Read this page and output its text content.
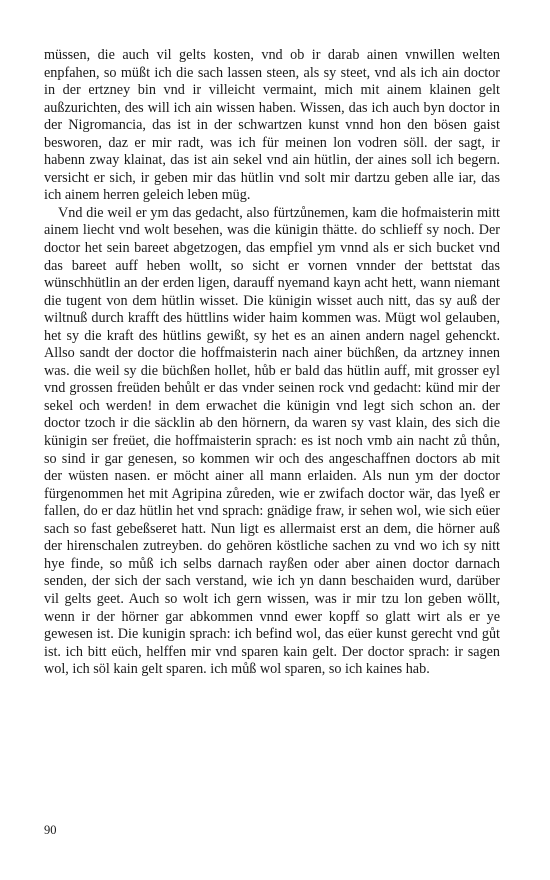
müssen, die auch vil gelts kosten, vnd ob ir darab ainen vnwillen welten enpfahen, so müßt ich die sach lassen steen, als sy steet, vnd als ich ain doctor in der ertzney bin vnd ir villeicht vermaint, mich mit ainem klainen gelt außzurichten, des will ich ain wissen haben. Wissen, das ich auch byn doctor in der Nigromancia, das ist in der schwartzen kunst vnnd hon den bösen gaist besworen, daz er mir radt, was ich für meinen lon vodren söll. der sagt, ir habenn zway klainat, das ist ain sekel vnd ain hütlin, der aines soll ich begern. versicht er sich, ir geben mir das hütlin vnd solt mir dartzu geben alle iar, das ich ainem herren geleich leben müg.

Vnd die weil er ym das gedacht, also fürtzůnemen, kam die hofmaisterin mitt ainem liecht vnd wolt besehen, was die künigin thätte. do schlieff sy noch. Der doctor het sein bareet abgetzogen, das empfiel ym vnnd als er sich bucket vnd das bareet auff heben wollt, so sicht er vornen vnnder der bettstat das wünschhütlin an der erden ligen, darauff nyemand kayn acht hett, wann niemant die tugent von dem hütlin wisset. Die künigin wisset auch nitt, das sy auß der wiltnuß durch krafft des hüttlins wider haim kommen was. Mügt wol gelauben, het sy die kraft des hütlins gewißt, sy het es an ainen andern nagel gehenckt. Allso sandt der doctor die hoffmaisterin nach ainer büchßen, da artzney innen was. die weil sy die büchßen hollet, hůb er bald das hütlin auff, mit grosser eyl vnd grossen freüden behůlt er das vnder seinen rock vnd gedacht: künd mir der sekel och werden! in dem erwachet die künigin vnd legt sich schon an. der doctor tzoch ir die säcklin ab den hörnern, da waren sy vast klain, des sich die künigin ser freüet, die hoffmaisterin sprach: es ist noch vmb ain nacht zů thůn, so sind ir gar genesen, so kommen wir och des angeschaffnen doctors ab mit der wüsten nasen. er möcht ainer all mann erlaiden. Als nun ym der doctor fürgenommen het mit Agripina zůreden, wie er zwifach doctor wär, das lyeß er fallen, do er daz hütlin het vnd sprach: gnädige fraw, ir sehen wol, wie sich eüer sach so fast gebeßseret hatt. Nun ligt es allermaist erst an dem, die hörner auß der hirenschalen zutreyben. do gehören köstliche sachen zu vnd wo ich sy nitt hye finde, so můß ich selbs darnach rayßen oder aber ainen doctor darnach senden, der sich der sach verstand, wie ich yn dann beschaiden wurd, darüber vil gelts geet. Auch so wolt ich gern wissen, was ir mir tzu lon geben wöllt, wenn ir der hörner gar abkommen vnnd ewer kopff so glatt wirt als er ye gewesen ist. Die kunigin sprach: ich befind wol, das eüer kunst gerecht vnd gůt ist. ich bitt eüch, helffen mir vnd sparen kain gelt. Der doctor sprach: ir sagen wol, ich söl kain gelt sparen. ich můß wol sparen, so ich kaines hab.

90
